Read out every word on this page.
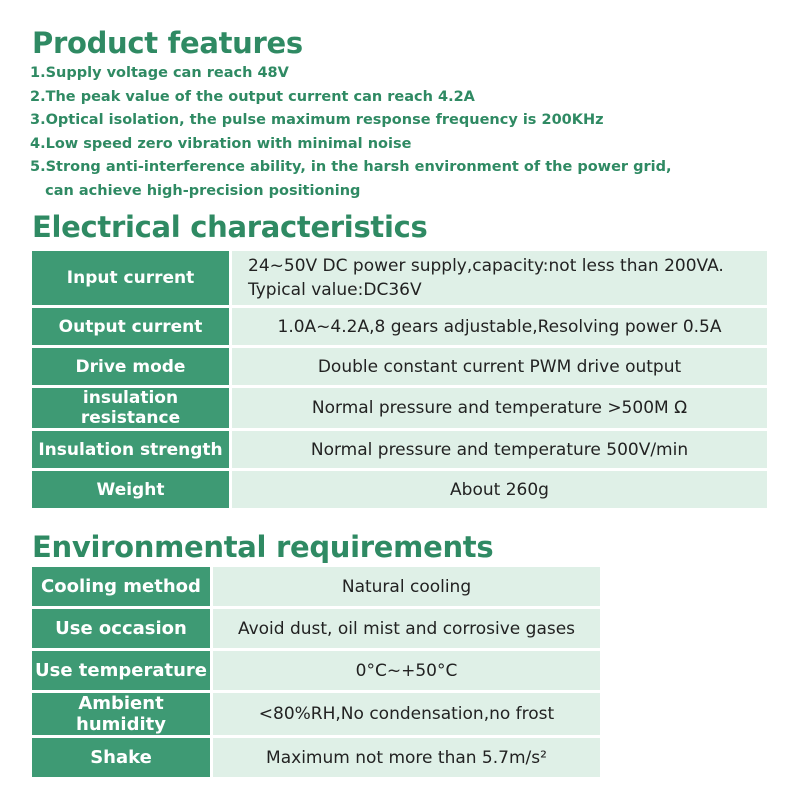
Product features
1.Supply voltage can reach 48V
2.The peak value of the output current can reach 4.2A
3.Optical isolation, the pulse maximum response frequency is 200KHz
4.Low speed zero vibration with minimal noise
5.Strong anti-interference ability, in the harsh environment of the power grid,
can achieve high-precision positioning
Electrical characteristics
Input current	24~50V DC power supply,capacity:not less than 200VA.
Typical value:DC36V

Output current	1.0A~4.2A,8 gears adjustable,Resolving power 0.5A
Drive mode	Double constant current PWM drive output
insulation resistance	Normal pressure and temperature >500M Ω
Insulation strength	Normal pressure and temperature 500V/min
Weight	About 260g
Environmental requirements
Cooling method	Natural cooling
Use occasion	Avoid dust, oil mist and corrosive gases
Use temperature	0°C~+50°C
Ambient humidity	<80%RH,No condensation,no frost
Shake	Maximum not more than 5.7m/s²
